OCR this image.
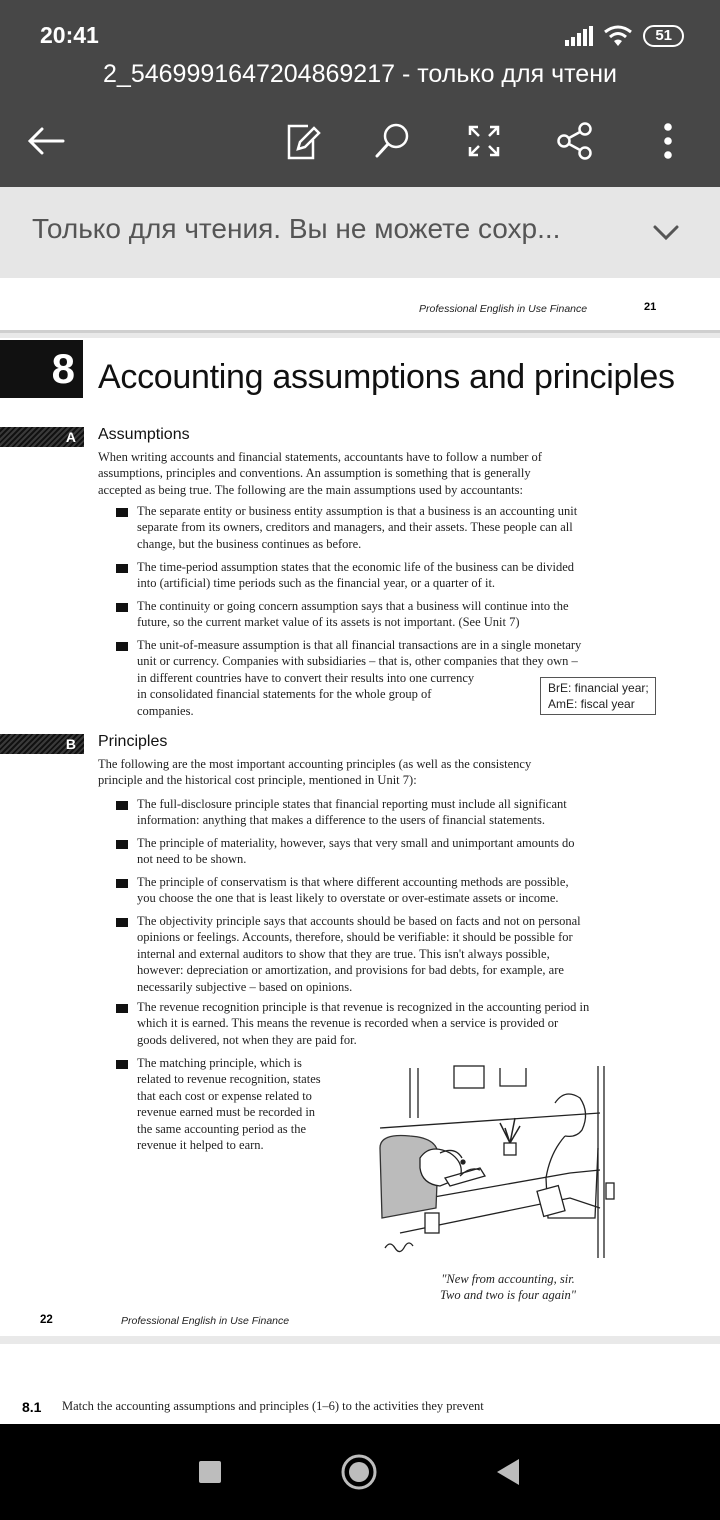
20:41	51
2_5469991647204869217 - только для чтени
Только для чтения. Вы не можете сохр...
Professional English in Use Finance	21
8 Accounting assumptions and principles
A Assumptions
When writing accounts and financial statements, accountants have to follow a number of
assumptions, principles and conventions. An assumption is something that is generally
accepted as being true. The following are the main assumptions used by accountants:
The separate entity or business entity assumption is that a business is an accounting unit
separate from its owners, creditors and managers, and their assets. These people can all
change, but the business continues as before.
The time-period assumption states that the economic life of the business can be divided
into (artificial) time periods such as the financial year, or a quarter of it.
The continuity or going concern assumption says that a business will continue into the
future, so the current market value of its assets is not important. (See Unit 7)
The unit-of-measure assumption is that all financial transactions are in a single monetary
unit or currency. Companies with subsidiaries – that is, other companies that they own –
in different countries have to convert their results into one currency
in consolidated financial statements for the whole group of
companies.
BrE: financial year;
AmE: fiscal year
B Principles
The following are the most important accounting principles (as well as the consistency
principle and the historical cost principle, mentioned in Unit 7):
The full-disclosure principle states that financial reporting must include all significant
information: anything that makes a difference to the users of financial statements.
The principle of materiality, however, says that very small and unimportant amounts do
not need to be shown.
The principle of conservatism is that where different accounting methods are possible,
you choose the one that is least likely to overstate or over-estimate assets or income.
The objectivity principle says that accounts should be based on facts and not on personal
opinions or feelings. Accounts, therefore, should be verifiable: it should be possible for
internal and external auditors to show that they are true. This isn't always possible,
however: depreciation or amortization, and provisions for bad debts, for example, are
necessarily subjective – based on opinions.
The revenue recognition principle is that revenue is recognized in the accounting period in
which it is earned. This means the revenue is recorded when a service is provided or
goods delivered, not when they are paid for.
The matching principle, which is
related to revenue recognition, states
that each cost or expense related to
revenue earned must be recorded in
the same accounting period as the
revenue it helped to earn.
"New from accounting, sir.
Two and two is four again"
22	Professional English in Use Finance
8.1 Match the accounting assumptions and principles (1–6) to the activities they prevent
